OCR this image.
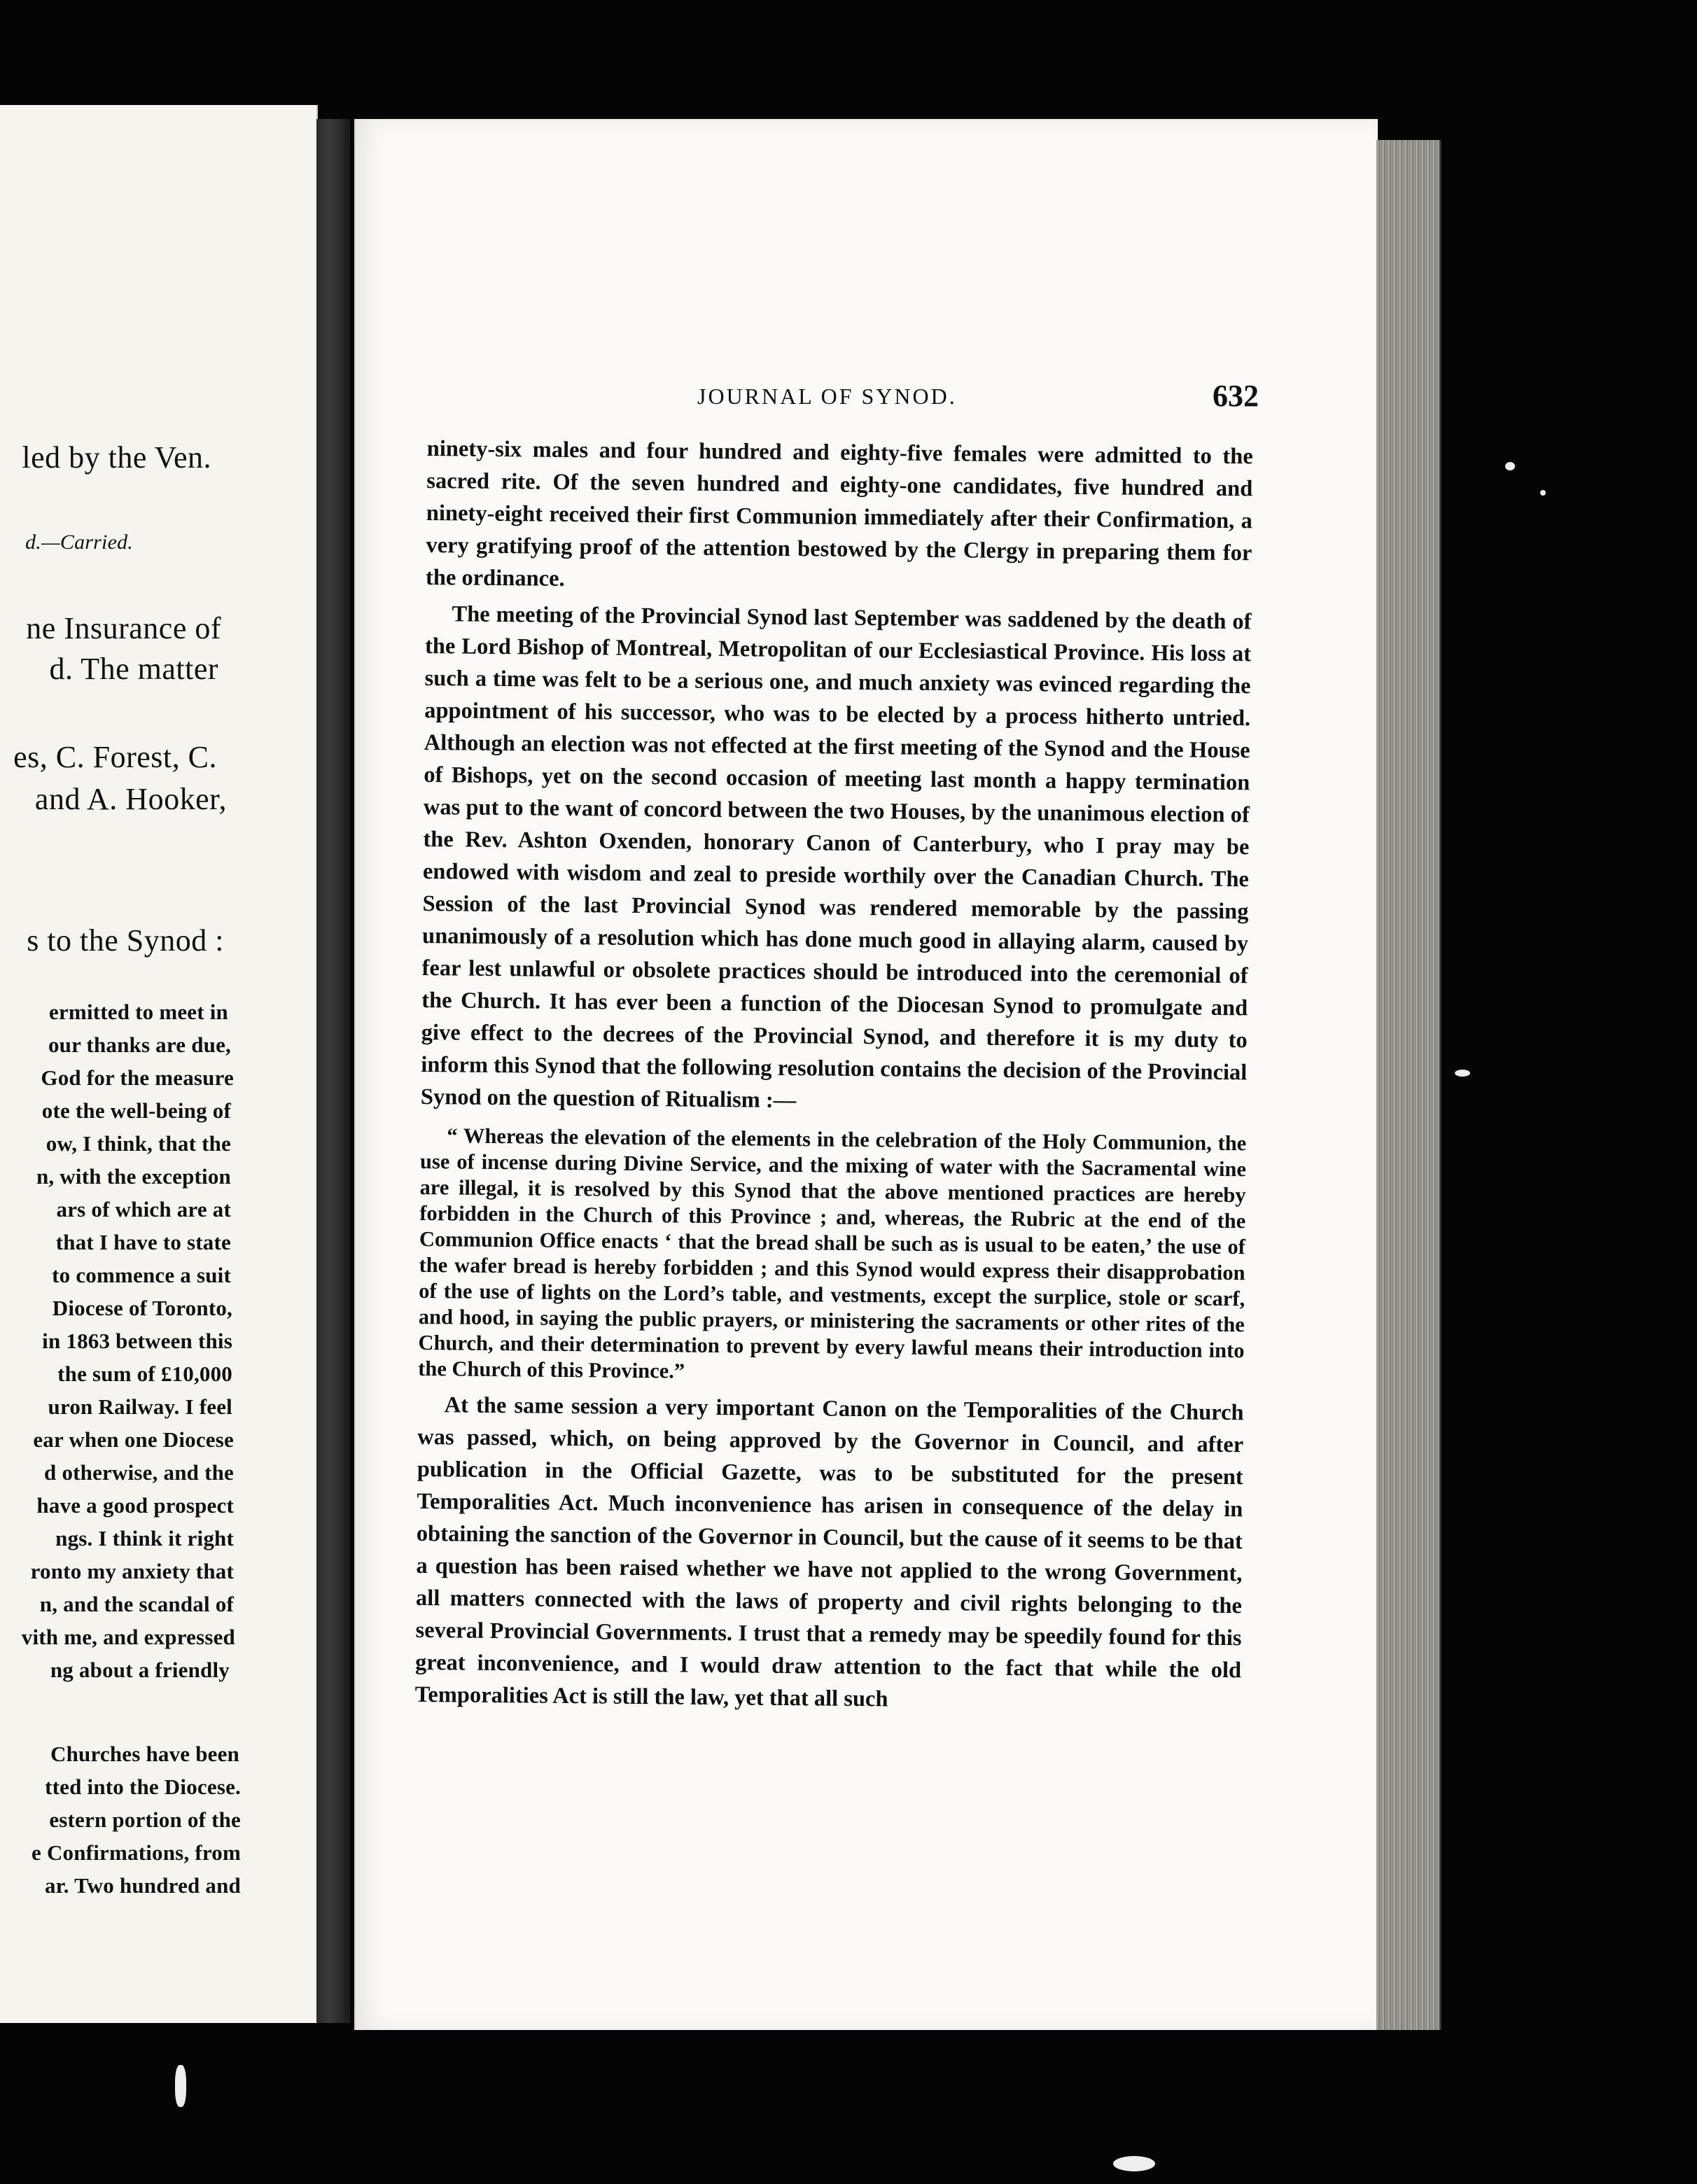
led by the Ven.
d.—Carried.
ne Insurance of
d. The matter
es, C. Forest, C.
and A. Hooker,
s to the Synod :
ermitted to meet in
our thanks are due,
God for the measure
ote the well-being of
ow, I think, that the
n, with the exception
ars of which are at
that I have to state
to commence a suit
Diocese of Toronto,
in 1863 between this
the sum of £10,000
uron Railway. I feel
ear when one Diocese
d otherwise, and the
have a good prospect
ngs. I think it right
ronto my anxiety that
n, and the scandal of
vith me, and expressed
ng about a friendly
Churches have been
tted into the Diocese.
estern portion of the
e Confirmations, from
ar. Two hundred and
JOURNAL OF SYNOD.	632

ninety-six males and four hundred and eighty-five females were admitted to the sacred rite. Of the seven hundred and eighty-one candidates, five hundred and ninety-eight received their first Communion immediately after their Confirmation, a very gratifying proof of the attention bestowed by the Clergy in preparing them for the ordinance.

The meeting of the Provincial Synod last September was saddened by the death of the Lord Bishop of Montreal, Metropolitan of our Ecclesiastical Province. His loss at such a time was felt to be a serious one, and much anxiety was evinced regarding the appointment of his successor, who was to be elected by a process hitherto untried. Although an election was not effected at the first meeting of the Synod and the House of Bishops, yet on the second occasion of meeting last month a happy termination was put to the want of concord between the two Houses, by the unanimous election of the Rev. Ashton Oxenden, honorary Canon of Canterbury, who I pray may be endowed with wisdom and zeal to preside worthily over the Canadian Church. The Session of the last Provincial Synod was rendered memorable by the passing unanimously of a resolution which has done much good in allaying alarm, caused by fear lest unlawful or obsolete practices should be introduced into the ceremonial of the Church. It has ever been a function of the Diocesan Synod to promulgate and give effect to the decrees of the Provincial Synod, and therefore it is my duty to inform this Synod that the following resolution contains the decision of the Provincial Synod on the question of Ritualism :—

“ Whereas the elevation of the elements in the celebration of the Holy Communion, the use of incense during Divine Service, and the mixing of water with the Sacramental wine are illegal, it is resolved by this Synod that the above mentioned practices are hereby forbidden in the Church of this Province ; and, whereas, the Rubric at the end of the Communion Office enacts ‘ that the bread shall be such as is usual to be eaten,’ the use of the wafer bread is hereby forbidden ; and this Synod would express their disapprobation of the use of lights on the Lord’s table, and vestments, except the surplice, stole or scarf, and hood, in saying the public prayers, or ministering the sacraments or other rites of the Church, and their determination to prevent by every lawful means their introduction into the Church of this Province.”

At the same session a very important Canon on the Temporalities of the Church was passed, which, on being approved by the Governor in Council, and after publication in the Official Gazette, was to be substituted for the present Temporalities Act. Much inconvenience has arisen in consequence of the delay in obtaining the sanction of the Governor in Council, but the cause of it seems to be that a question has been raised whether we have not applied to the wrong Government, all matters connected with the laws of property and civil rights belonging to the several Provincial Governments. I trust that a remedy may be speedily found for this great inconvenience, and I would draw attention to the fact that while the old Temporalities Act is still the law, yet that all such
